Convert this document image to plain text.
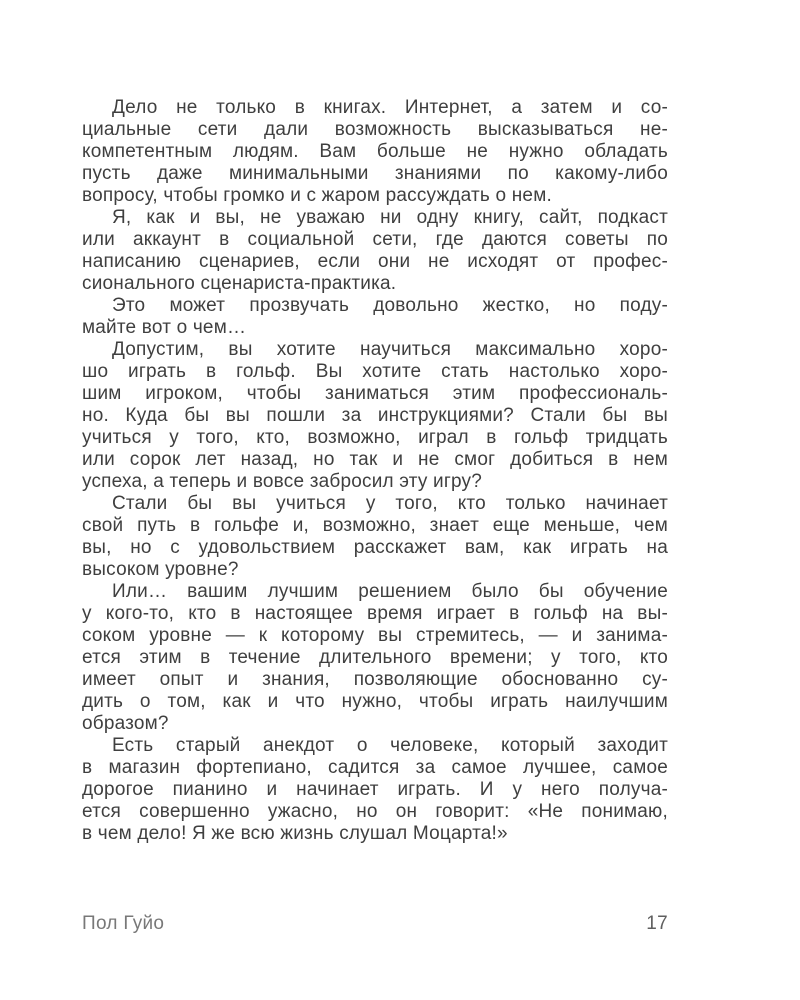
Дело не только в книгах. Интернет, а затем и со-
циальные сети дали возможность высказываться не-
компетентным людям. Вам больше не нужно обладать
пусть даже минимальными знаниями по какому-либо
вопросу, чтобы громко и с жаром рассуждать о нем.
Я, как и вы, не уважаю ни одну книгу, сайт, подкаст
или аккаунт в социальной сети, где даются советы по
написанию сценариев, если они не исходят от профес-
сионального сценариста-практика.
Это может прозвучать довольно жестко, но поду-
майте вот о чем…
Допустим, вы хотите научиться максимально хоро-
шо играть в гольф. Вы хотите стать настолько хоро-
шим игроком, чтобы заниматься этим профессиональ-
но. Куда бы вы пошли за инструкциями? Стали бы вы
учиться у того, кто, возможно, играл в гольф тридцать
или сорок лет назад, но так и не смог добиться в нем
успеха, а теперь и вовсе забросил эту игру?
Стали бы вы учиться у того, кто только начинает
свой путь в гольфе и, возможно, знает еще меньше, чем
вы, но с удовольствием расскажет вам, как играть на
высоком уровне?
Или… вашим лучшим решением было бы обучение
у кого-то, кто в настоящее время играет в гольф на вы-
соком уровне — к которому вы стремитесь, — и занима-
ется этим в течение длительного времени; у того, кто
имеет опыт и знания, позволяющие обоснованно су-
дить о том, как и что нужно, чтобы играть наилучшим
образом?
Есть старый анекдот о человеке, который заходит
в магазин фортепиано, садится за самое лучшее, самое
дорогое пианино и начинает играть. И у него получа-
ется совершенно ужасно, но он говорит: «Не понимаю,
в чем дело! Я же всю жизнь слушал Моцарта!»
Пол Гуйо	17
